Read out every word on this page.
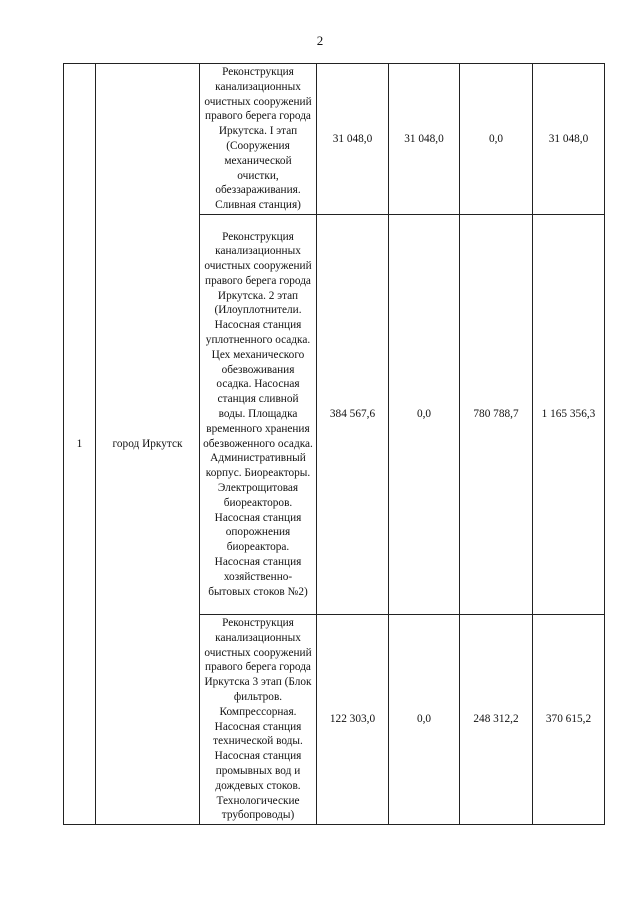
2
1	город Иркутск	Реконструкция канализационных очистных сооружений правого берега города Иркутска. I этап (Сооружения механической очистки, обеззараживания. Сливная станция)	31 048,0	31 048,0	0,0	31 048,0
		Реконструкция канализационных очистных сооружений правого берега города Иркутска. 2 этап (Илоуплотнители. Насосная станция уплотненного осадка. Цех механического обезвоживания осадка. Насосная станция сливной воды. Площадка временного хранения обезвоженного осадка. Административный корпус. Биореакторы. Электрощитовая биореакторов. Насосная станция опорожнения биореактора. Насосная станция хозяйственно-бытовых стоков №2)	384 567,6	0,0	780 788,7	1 165 356,3
		Реконструкция канализационных очистных сооружений правого берега города Иркутска 3 этап (Блок фильтров. Компрессорная. Насосная станция технической воды. Насосная станция промывных вод и дождевых стоков. Технологические трубопроводы)	122 303,0	0,0	248 312,2	370 615,2
